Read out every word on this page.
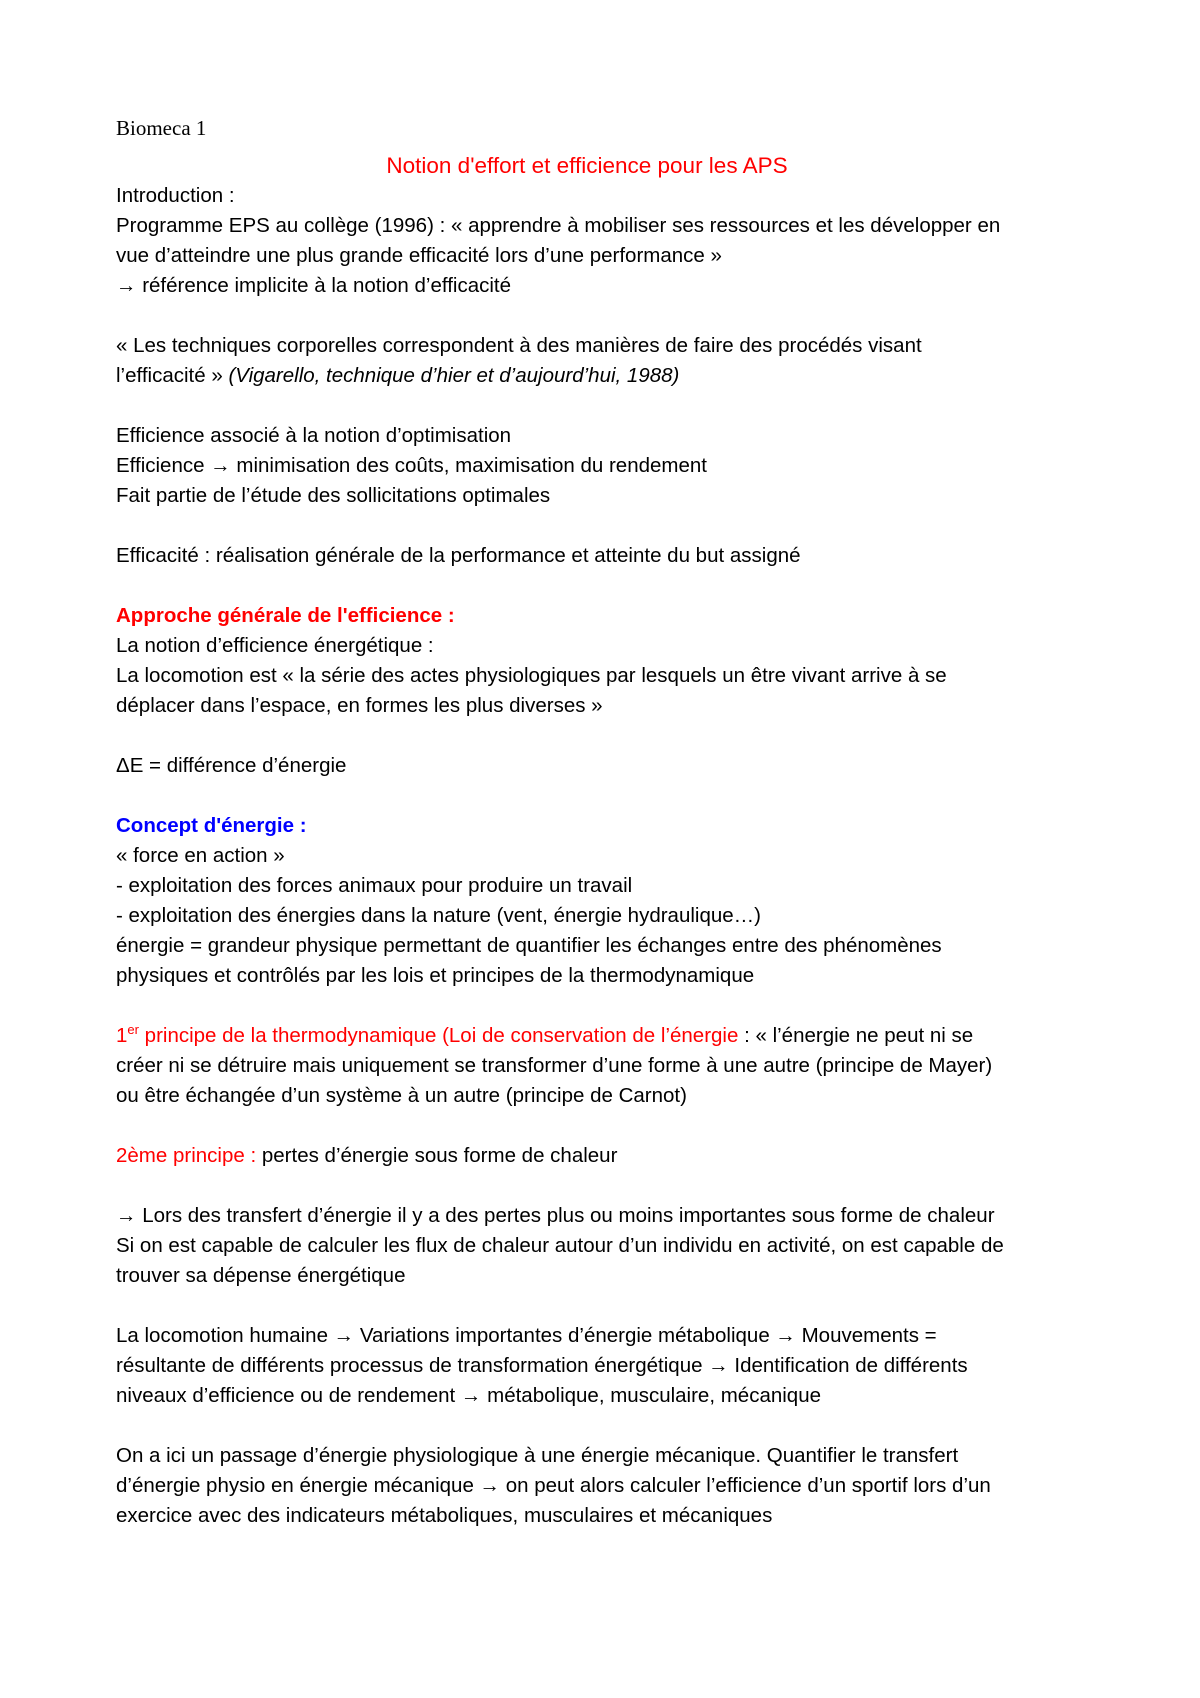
Biomeca 1
Notion d'effort et efficience pour les APS
Introduction :
Programme EPS au collège (1996) : « apprendre à mobiliser ses ressources et les développer en
vue d’atteindre une plus grande efficacité lors d’une performance »
→ référence implicite à la notion d’efficacité
« Les techniques corporelles correspondent à des manières de faire des procédés visant
l’efficacité » (Vigarello, technique d’hier et d’aujourd’hui, 1988)
Efficience associé à la notion d’optimisation
Efficience → minimisation des coûts, maximisation du rendement
Fait partie de l’étude des sollicitations optimales
Efficacité : réalisation générale de la performance et atteinte du but assigné
Approche générale de l'efficience :
La notion d’efficience énergétique :
La locomotion est « la série des actes physiologiques par lesquels un être vivant arrive à se
déplacer dans l’espace, en formes les plus diverses »
ΔE = différence d’énergie
Concept d'énergie :
« force en action »
- exploitation des forces animaux pour produire un travail
- exploitation des énergies dans la nature (vent, énergie hydraulique…)
énergie = grandeur physique permettant de quantifier les échanges entre des phénomènes
physiques et contrôlés par les lois et principes de la thermodynamique
1er principe de la thermodynamique (Loi de conservation de l’énergie : « l’énergie ne peut ni se
créer ni se détruire mais uniquement se transformer d’une forme à une autre (principe de Mayer)
ou être échangée d’un système à un autre (principe de Carnot)
2ème principe : pertes d’énergie sous forme de chaleur
→ Lors des transfert d’énergie il y a des pertes plus ou moins importantes sous forme de chaleur
Si on est capable de calculer les flux de chaleur autour d’un individu en activité, on est capable de
trouver sa dépense énergétique
La locomotion humaine → Variations importantes d’énergie métabolique → Mouvements =
résultante de différents processus de transformation énergétique → Identification de différents
niveaux d’efficience ou de rendement → métabolique, musculaire, mécanique
On a ici un passage d’énergie physiologique à une énergie mécanique. Quantifier le transfert
d’énergie physio en énergie mécanique → on peut alors calculer l’efficience d’un sportif lors d’un
exercice avec des indicateurs métaboliques, musculaires et mécaniques
